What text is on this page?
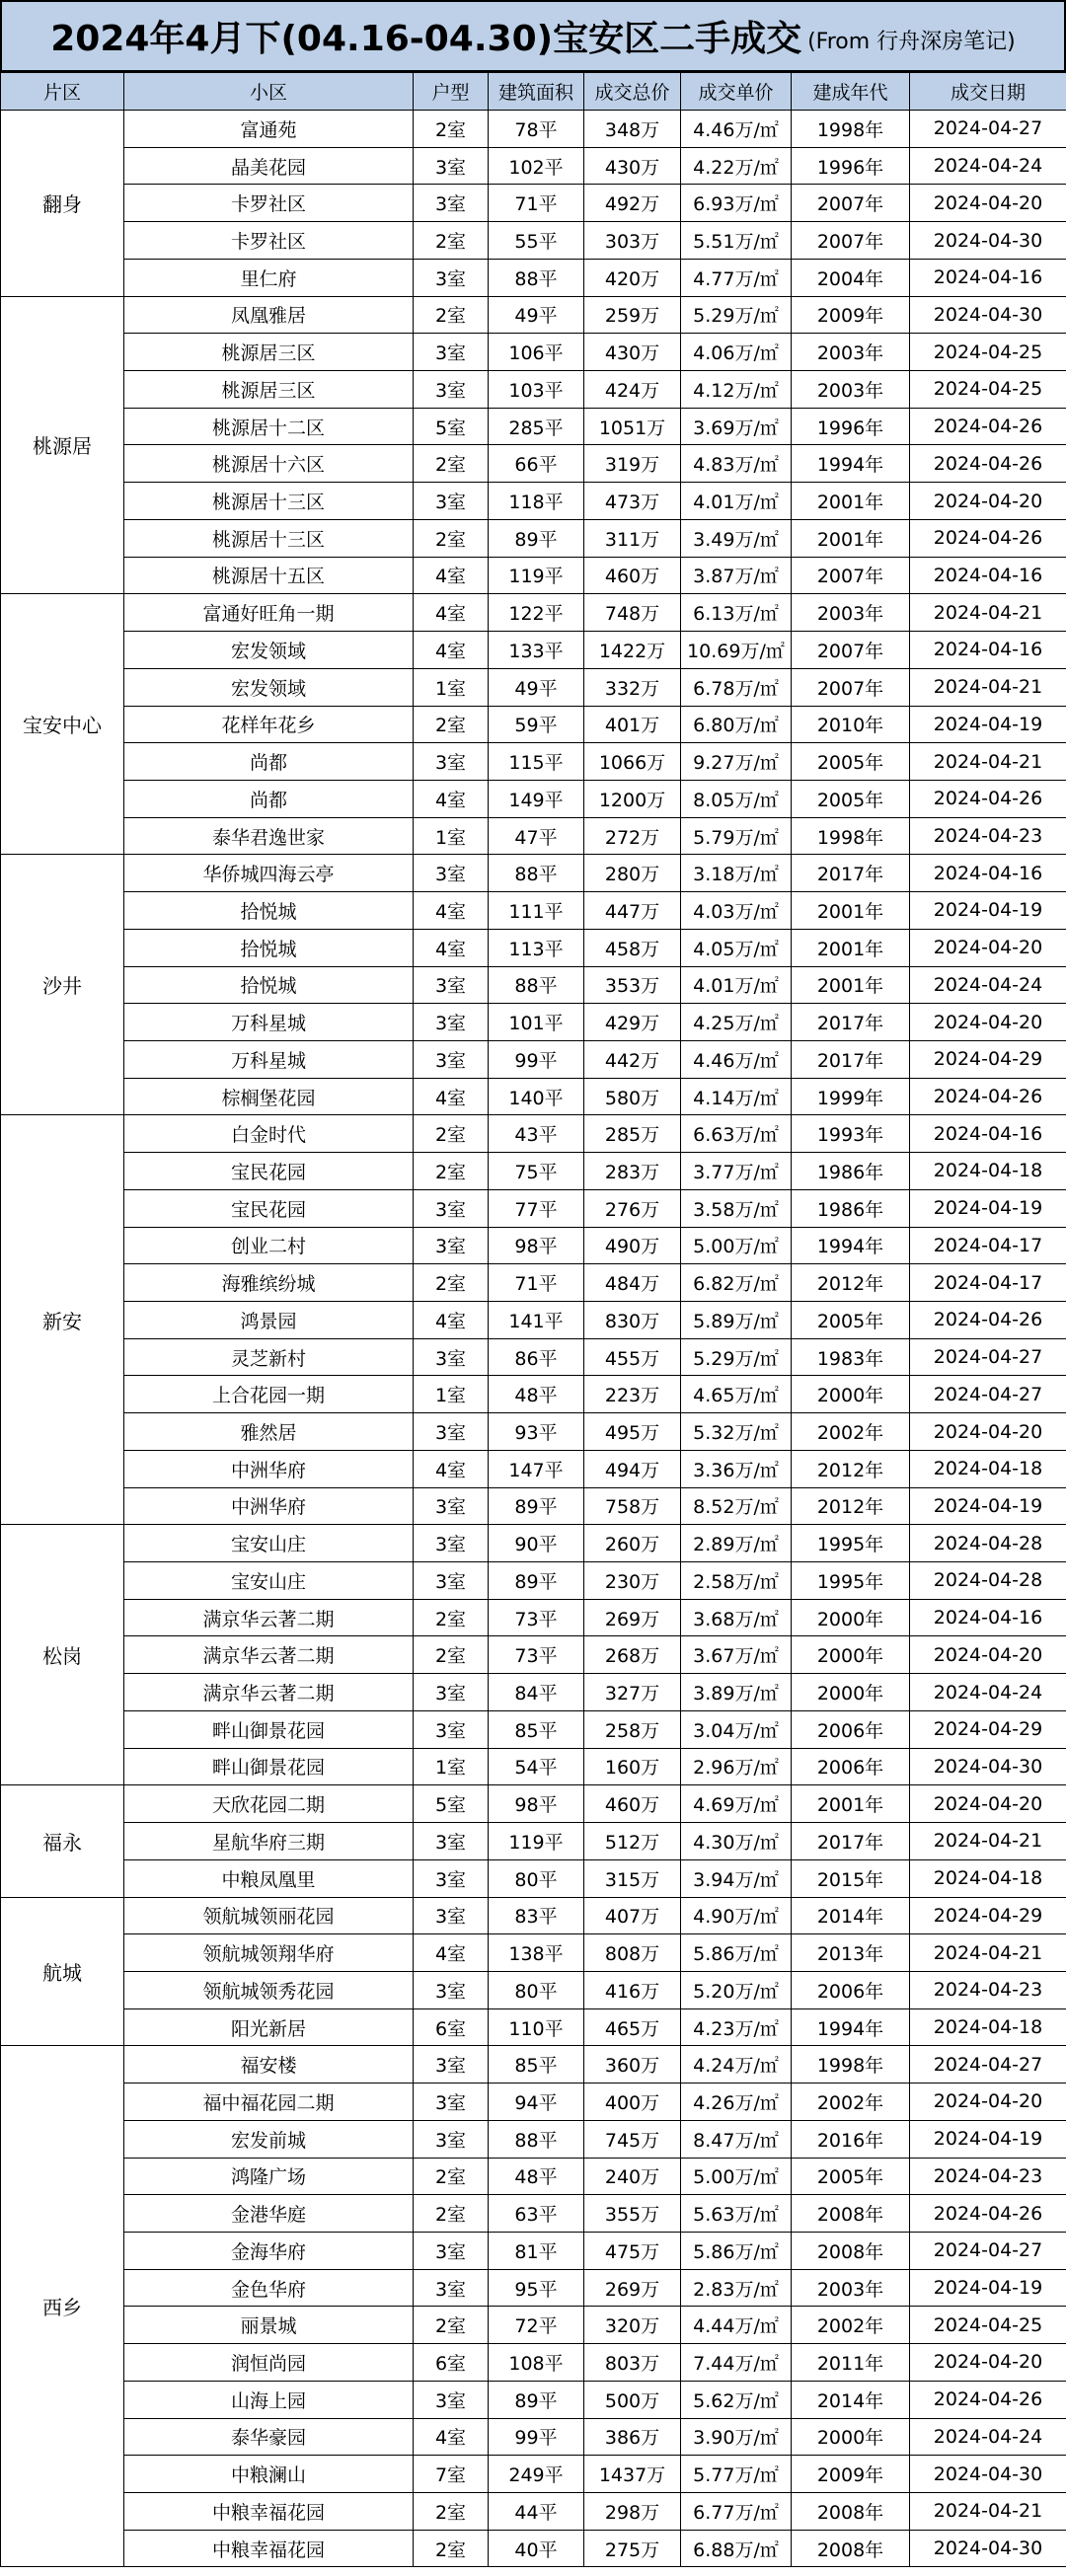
2024年4月下(04.16-04.30)宝安区二手成交 (From 行舟深房笔记)
片区	小区	户型	建筑面积	成交总价	成交单价	建成年代	成交日期
翻身	富通苑	2室	78平	348万	4.46万/㎡	1998年	2024-04-27
	晶美花园	3室	102平	430万	4.22万/㎡	1996年	2024-04-24
	卡罗社区	3室	71平	492万	6.93万/㎡	2007年	2024-04-20
	卡罗社区	2室	55平	303万	5.51万/㎡	2007年	2024-04-30
	里仁府	3室	88平	420万	4.77万/㎡	2004年	2024-04-16
桃源居	凤凰雅居	2室	49平	259万	5.29万/㎡	2009年	2024-04-30
	桃源居三区	3室	106平	430万	4.06万/㎡	2003年	2024-04-25
	桃源居三区	3室	103平	424万	4.12万/㎡	2003年	2024-04-25
	桃源居十二区	5室	285平	1051万	3.69万/㎡	1996年	2024-04-26
	桃源居十六区	2室	66平	319万	4.83万/㎡	1994年	2024-04-26
	桃源居十三区	3室	118平	473万	4.01万/㎡	2001年	2024-04-20
	桃源居十三区	2室	89平	311万	3.49万/㎡	2001年	2024-04-26
	桃源居十五区	4室	119平	460万	3.87万/㎡	2007年	2024-04-16
宝安中心	富通好旺角一期	4室	122平	748万	6.13万/㎡	2003年	2024-04-21
	宏发领域	4室	133平	1422万	10.69万/㎡	2007年	2024-04-16
	宏发领域	1室	49平	332万	6.78万/㎡	2007年	2024-04-21
	花样年花乡	2室	59平	401万	6.80万/㎡	2010年	2024-04-19
	尚都	3室	115平	1066万	9.27万/㎡	2005年	2024-04-21
	尚都	4室	149平	1200万	8.05万/㎡	2005年	2024-04-26
	泰华君逸世家	1室	47平	272万	5.79万/㎡	1998年	2024-04-23
沙井	华侨城四海云亭	3室	88平	280万	3.18万/㎡	2017年	2024-04-16
	拾悦城	4室	111平	447万	4.03万/㎡	2001年	2024-04-19
	拾悦城	4室	113平	458万	4.05万/㎡	2001年	2024-04-20
	拾悦城	3室	88平	353万	4.01万/㎡	2001年	2024-04-24
	万科星城	3室	101平	429万	4.25万/㎡	2017年	2024-04-20
	万科星城	3室	99平	442万	4.46万/㎡	2017年	2024-04-29
	棕榈堡花园	4室	140平	580万	4.14万/㎡	1999年	2024-04-26
新安	白金时代	2室	43平	285万	6.63万/㎡	1993年	2024-04-16
	宝民花园	2室	75平	283万	3.77万/㎡	1986年	2024-04-18
	宝民花园	3室	77平	276万	3.58万/㎡	1986年	2024-04-19
	创业二村	3室	98平	490万	5.00万/㎡	1994年	2024-04-17
	海雅缤纷城	2室	71平	484万	6.82万/㎡	2012年	2024-04-17
	鸿景园	4室	141平	830万	5.89万/㎡	2005年	2024-04-26
	灵芝新村	3室	86平	455万	5.29万/㎡	1983年	2024-04-27
	上合花园一期	1室	48平	223万	4.65万/㎡	2000年	2024-04-27
	雅然居	3室	93平	495万	5.32万/㎡	2002年	2024-04-20
	中洲华府	4室	147平	494万	3.36万/㎡	2012年	2024-04-18
	中洲华府	3室	89平	758万	8.52万/㎡	2012年	2024-04-19
松岗	宝安山庄	3室	90平	260万	2.89万/㎡	1995年	2024-04-28
	宝安山庄	3室	89平	230万	2.58万/㎡	1995年	2024-04-28
	满京华云著二期	2室	73平	269万	3.68万/㎡	2000年	2024-04-16
	满京华云著二期	2室	73平	268万	3.67万/㎡	2000年	2024-04-20
	满京华云著二期	3室	84平	327万	3.89万/㎡	2000年	2024-04-24
	畔山御景花园	3室	85平	258万	3.04万/㎡	2006年	2024-04-29
	畔山御景花园	1室	54平	160万	2.96万/㎡	2006年	2024-04-30
福永	天欣花园二期	5室	98平	460万	4.69万/㎡	2001年	2024-04-20
	星航华府三期	3室	119平	512万	4.30万/㎡	2017年	2024-04-21
	中粮凤凰里	3室	80平	315万	3.94万/㎡	2015年	2024-04-18
航城	领航城领丽花园	3室	83平	407万	4.90万/㎡	2014年	2024-04-29
	领航城领翔华府	4室	138平	808万	5.86万/㎡	2013年	2024-04-21
	领航城领秀花园	3室	80平	416万	5.20万/㎡	2006年	2024-04-23
	阳光新居	6室	110平	465万	4.23万/㎡	1994年	2024-04-18
西乡	福安楼	3室	85平	360万	4.24万/㎡	1998年	2024-04-27
	福中福花园二期	3室	94平	400万	4.26万/㎡	2002年	2024-04-20
	宏发前城	3室	88平	745万	8.47万/㎡	2016年	2024-04-19
	鸿隆广场	2室	48平	240万	5.00万/㎡	2005年	2024-04-23
	金港华庭	2室	63平	355万	5.63万/㎡	2008年	2024-04-26
	金海华府	3室	81平	475万	5.86万/㎡	2008年	2024-04-27
	金色华府	3室	95平	269万	2.83万/㎡	2003年	2024-04-19
	丽景城	2室	72平	320万	4.44万/㎡	2002年	2024-04-25
	润恒尚园	6室	108平	803万	7.44万/㎡	2011年	2024-04-20
	山海上园	3室	89平	500万	5.62万/㎡	2014年	2024-04-26
	泰华豪园	4室	99平	386万	3.90万/㎡	2000年	2024-04-24
	中粮澜山	7室	249平	1437万	5.77万/㎡	2009年	2024-04-30
	中粮幸福花园	2室	44平	298万	6.77万/㎡	2008年	2024-04-21
	中粮幸福花园	2室	40平	275万	6.88万/㎡	2008年	2024-04-30
